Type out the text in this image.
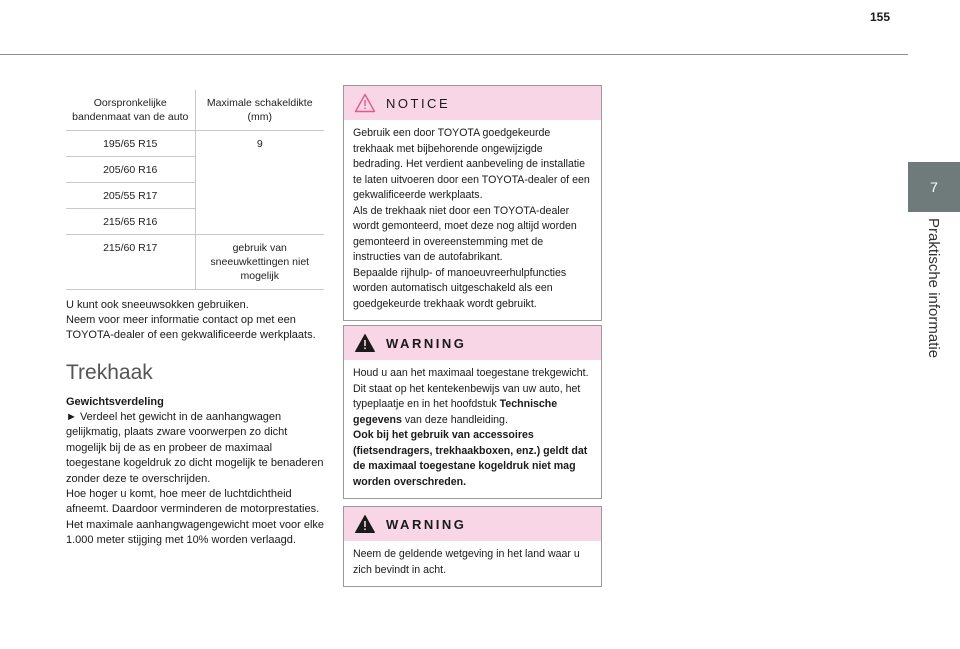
155
7
Praktische informatie
Oorspronkelijke bandenmaat van de auto	Maximale schakeldikte (mm)
195/65 R15	9
205/60 R16	
205/55 R17	
215/65 R16	
215/60 R17	gebruik van sneeuwkettingen niet mogelijk
U kunt ook sneeuwsokken gebruiken.
Neem voor meer informatie contact op met een TOYOTA-dealer of een gekwalificeerde werkplaats.
Trekhaak
Gewichtsverdeling
► Verdeel het gewicht in de aanhangwagen gelijkmatig, plaats zware voorwerpen zo dicht mogelijk bij de as en probeer de maximaal toegestane kogeldruk zo dicht mogelijk te benaderen zonder deze te overschrijden.
Hoe hoger u komt, hoe meer de luchtdichtheid afneemt. Daardoor verminderen de motorprestaties. Het maximale aanhangwagengewicht moet voor elke 1.000 meter stijging met 10% worden verlaagd.
NOTICE
Gebruik een door TOYOTA goedgekeurde trekhaak met bijbehorende ongewijzigde bedrading. Het verdient aanbeveling de installatie te laten uitvoeren door een TOYOTA-dealer of een gekwalificeerde werkplaats.
Als de trekhaak niet door een TOYOTA-dealer wordt gemonteerd, moet deze nog altijd worden gemonteerd in overeenstemming met de instructies van de autofabrikant.
Bepaalde rijhulp- of manoeuvreerhulpfuncties worden automatisch uitgeschakeld als een goedgekeurde trekhaak wordt gebruikt.
WARNING
Houd u aan het maximaal toegestane trekgewicht. Dit staat op het kentekenbewijs van uw auto, het typeplaatje en in het hoofdstuk Technische gegevens van deze handleiding.
Ook bij het gebruik van accessoires (fietsendragers, trekhaakboxen, enz.) geldt dat de maximaal toegestane kogeldruk niet mag worden overschreden.
WARNING
Neem de geldende wetgeving in het land waar u zich bevindt in acht.
